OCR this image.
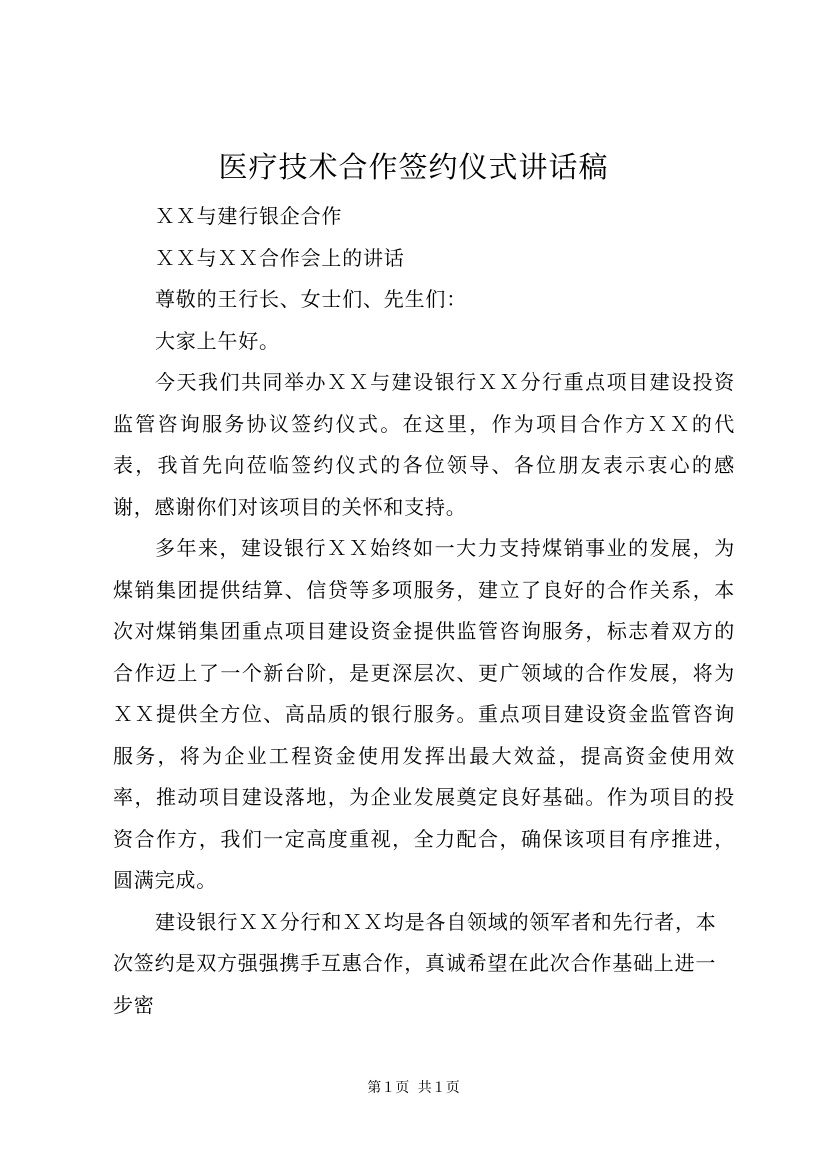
医疗技术合作签约仪式讲话稿

ＸＸ与建行银企合作

ＸＸ与ＸＸ合作会上的讲话

尊敬的王行长、女士们、先生们：

大家上午好。

今天我们共同举办ＸＸ与建设银行ＸＸ分行重点项目建设投资监管咨询服务协议签约仪式。在这里，作为项目合作方ＸＸ的代表，我首先向莅临签约仪式的各位领导、各位朋友表示衷心的感谢，感谢你们对该项目的关怀和支持。

多年来，建设银行ＸＸ始终如一大力支持煤销事业的发展，为煤销集团提供结算、信贷等多项服务，建立了良好的合作关系，本次对煤销集团重点项目建设资金提供监管咨询服务，标志着双方的合作迈上了一个新台阶，是更深层次、更广领域的合作发展，将为ＸＸ提供全方位、高品质的银行服务。重点项目建设资金监管咨询服务，将为企业工程资金使用发挥出最大效益，提高资金使用效率，推动项目建设落地，为企业发展奠定良好基础。作为项目的投资合作方，我们一定高度重视，全力配合，确保该项目有序推进，圆满完成。

建设银行ＸＸ分行和ＸＸ均是各自领域的领军者和先行者，本次签约是双方强强携手互惠合作，真诚希望在此次合作基础上进一步密

第１页 共１页
